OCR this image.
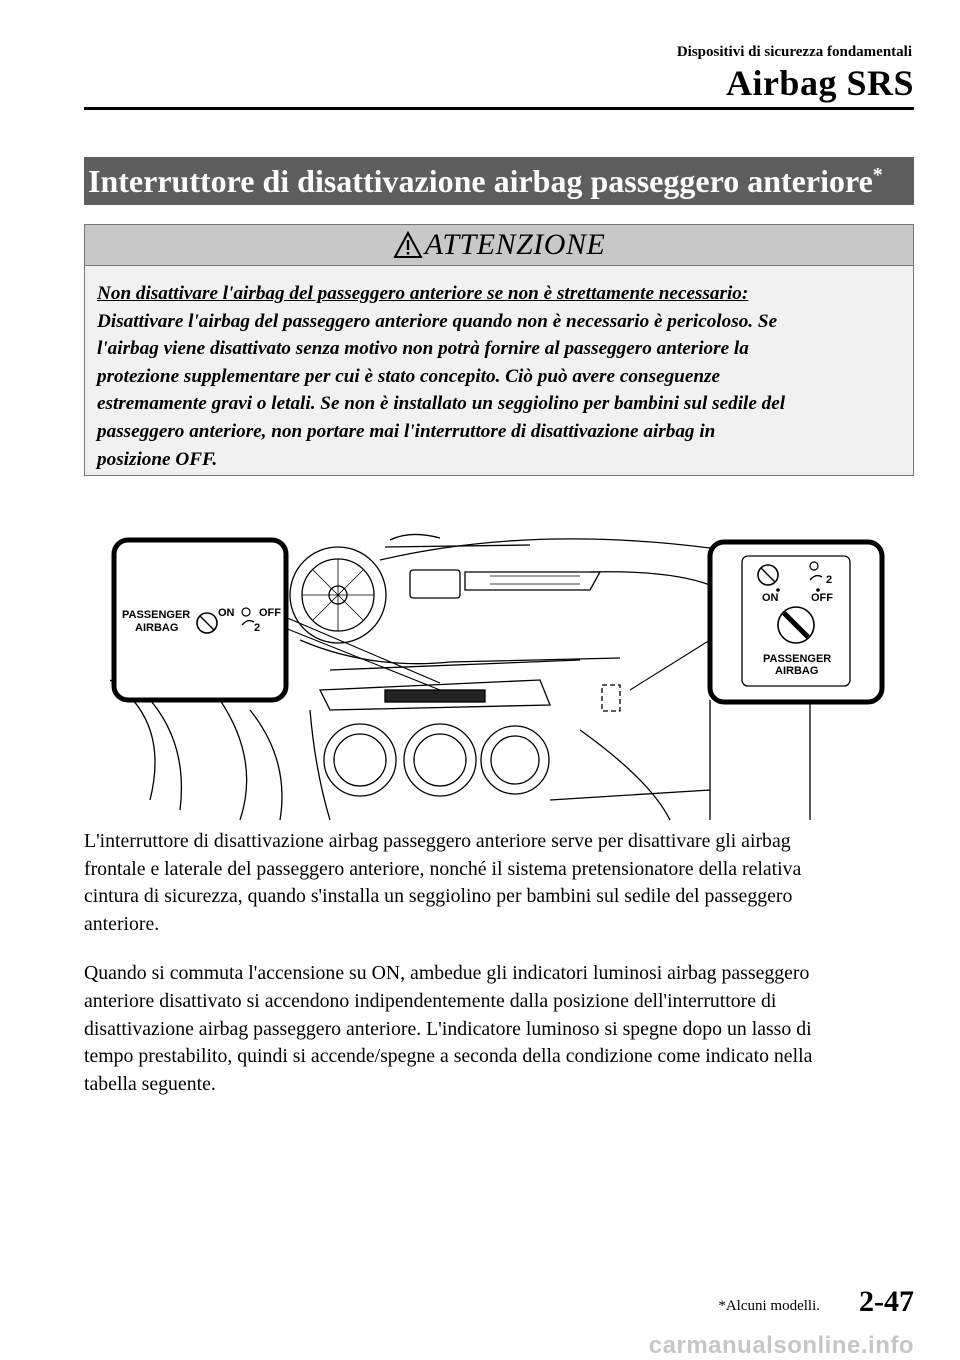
Dispositivi di sicurezza fondamentali
Airbag SRS
Interruttore di disattivazione airbag passeggero anteriore*
ATTENZIONE
Non disattivare l'airbag del passeggero anteriore se non è strettamente necessario:
Disattivare l'airbag del passeggero anteriore quando non è necessario è pericoloso. Se
l'airbag viene disattivato senza motivo non potrà fornire al passeggero anteriore la
protezione supplementare per cui è stato concepito. Ciò può avere conseguenze
estremamente gravi o letali. Se non è installato un seggiolino per bambini sul sedile del
passeggero anteriore, non portare mai l'interruttore di disattivazione airbag in
posizione OFF.
PASSENGER
AIRBAG
ON OFF
2
2
ON	OFF
PASSENGER
AIRBAG

L'interruttore di disattivazione airbag passeggero anteriore serve per disattivare gli airbag
frontale e laterale del passeggero anteriore, nonché il sistema pretensionatore della relativa
cintura di sicurezza, quando s'installa un seggiolino per bambini sul sedile del passeggero
anteriore.

Quando si commuta l'accensione su ON, ambedue gli indicatori luminosi airbag passeggero
anteriore disattivato si accendono indipendentemente dalla posizione dell'interruttore di
disattivazione airbag passeggero anteriore. L'indicatore luminoso si spegne dopo un lasso di
tempo prestabilito, quindi si accende/spegne a seconda della condizione come indicato nella
tabella seguente.

*Alcuni modelli. 2-47
carmanualsonline.info
